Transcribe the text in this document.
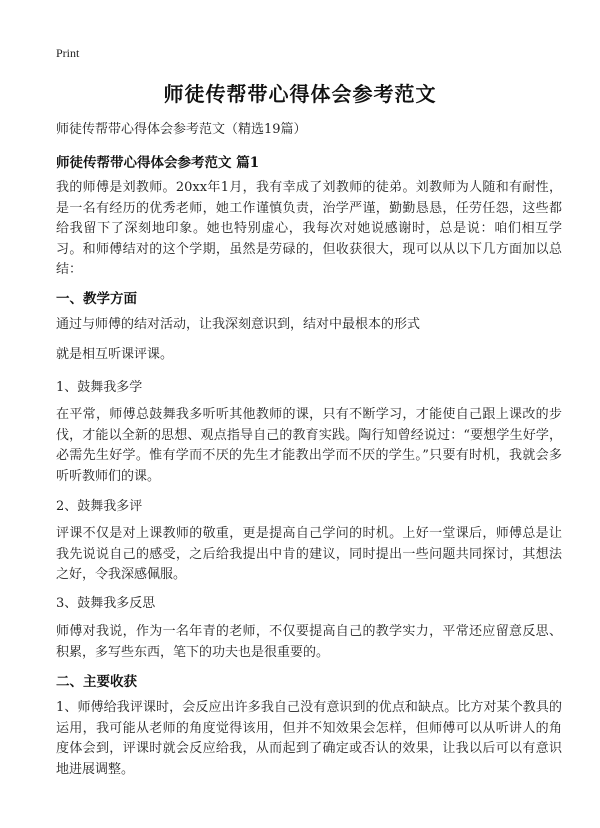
Print
师徒传帮带心得体会参考范文
师徒传帮带心得体会参考范文（精选19篇）
师徒传帮带心得体会参考范文 篇1
我的师傅是刘教师。20xx年1月，我有幸成了刘教师的徒弟。刘教师为人随和有耐性，是一名有经历的优秀老师，她工作谨慎负责，治学严谨，勤勤恳恳，任劳任怨，这些都给我留下了深刻地印象。她也特别虚心，我每次对她说感谢时，总是说：咱们相互学习。和师傅结对的这个学期，虽然是劳碌的，但收获很大，现可以从以下几方面加以总结：
一、教学方面
通过与师傅的结对活动，让我深刻意识到，结对中最根本的形式
就是相互听课评课。
1、鼓舞我多学
在平常，师傅总鼓舞我多听听其他教师的课，只有不断学习，才能使自己跟上课改的步伐，才能以全新的思想、观点指导自己的教育实践。陶行知曾经说过：“要想学生好学，必需先生好学。惟有学而不厌的先生才能教出学而不厌的学生。”只要有时机，我就会多听听教师们的课。
2、鼓舞我多评
评课不仅是对上课教师的敬重，更是提高自己学问的时机。上好一堂课后，师傅总是让我先说说自己的感受，之后给我提出中肯的建议，同时提出一些问题共同探讨，其想法之好，令我深感佩服。
3、鼓舞我多反思
师傅对我说，作为一名年青的老师，不仅要提高自己的教学实力，平常还应留意反思、积累，多写些东西，笔下的功夫也是很重要的。
二、主要收获
1、师傅给我评课时，会反应出许多我自己没有意识到的优点和缺点。比方对某个教具的运用，我可能从老师的角度觉得该用，但并不知效果会怎样，但师傅可以从听讲人的角度体会到，评课时就会反应给我，从而起到了确定或否认的效果，让我以后可以有意识地进展调整。
